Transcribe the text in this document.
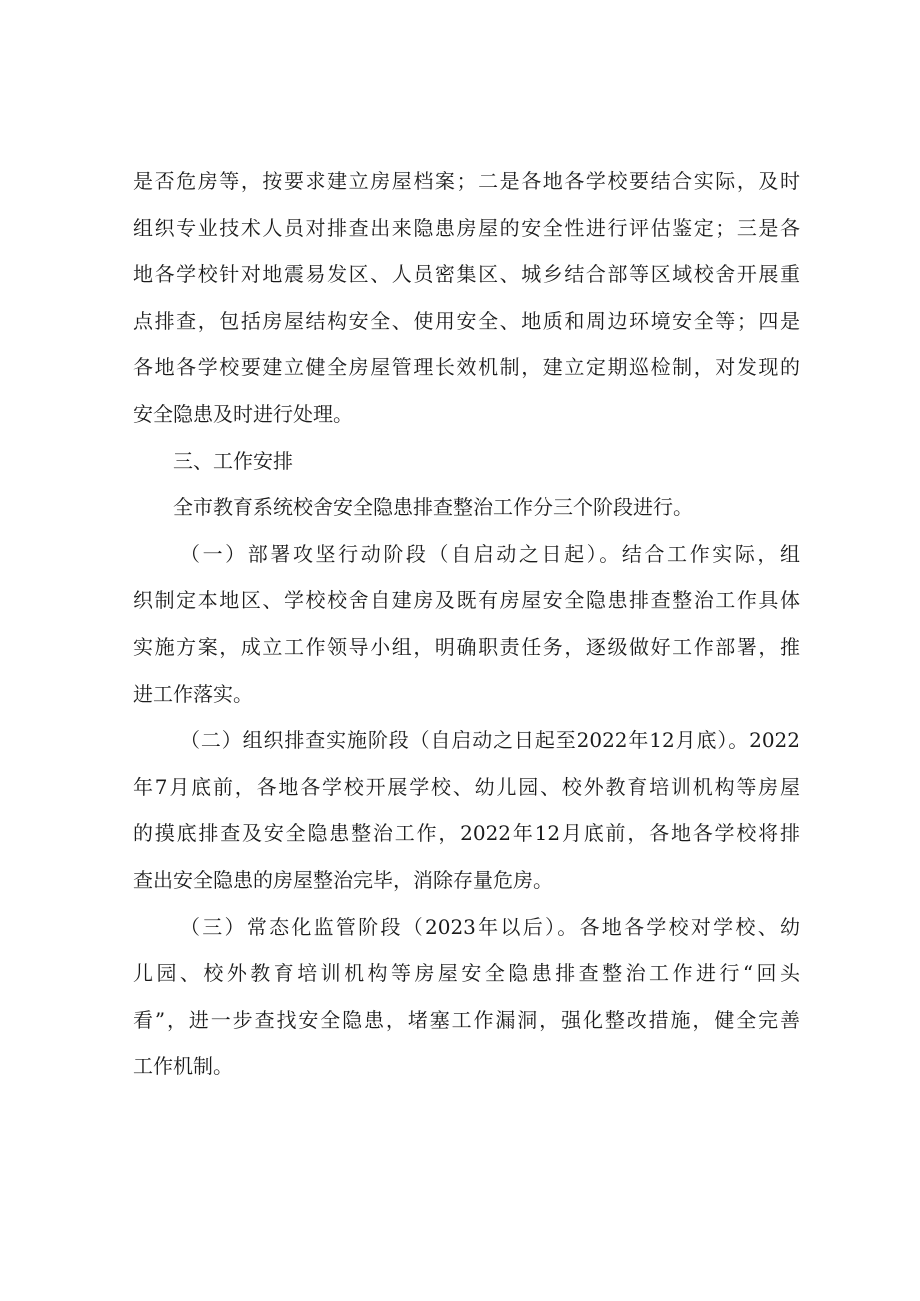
是否危房等，按要求建立房屋档案；二是各地各学校要结合实际，及时
组织专业技术人员对排查出来隐患房屋的安全性进行评估鉴定；三是各
地各学校针对地震易发区、人员密集区、城乡结合部等区域校舍开展重
点排查，包括房屋结构安全、使用安全、地质和周边环境安全等；四是
各地各学校要建立健全房屋管理长效机制，建立定期巡检制，对发现的
安全隐患及时进行处理。
三、工作安排
全市教育系统校舍安全隐患排查整治工作分三个阶段进行。
（一）部署攻坚行动阶段（自启动之日起）。结合工作实际，组
织制定本地区、学校校舍自建房及既有房屋安全隐患排查整治工作具体
实施方案，成立工作领导小组，明确职责任务，逐级做好工作部署，推
进工作落实。
（二）组织排查实施阶段（自启动之日起至2022年12月底）。2022
年7月底前，各地各学校开展学校、幼儿园、校外教育培训机构等房屋
的摸底排查及安全隐患整治工作，2022年12月底前，各地各学校将排
查出安全隐患的房屋整治完毕，消除存量危房。
（三）常态化监管阶段（2023年以后）。各地各学校对学校、幼
儿园、校外教育培训机构等房屋安全隐患排查整治工作进行“回头
看”，进一步查找安全隐患，堵塞工作漏洞，强化整改措施，健全完善
工作机制。
